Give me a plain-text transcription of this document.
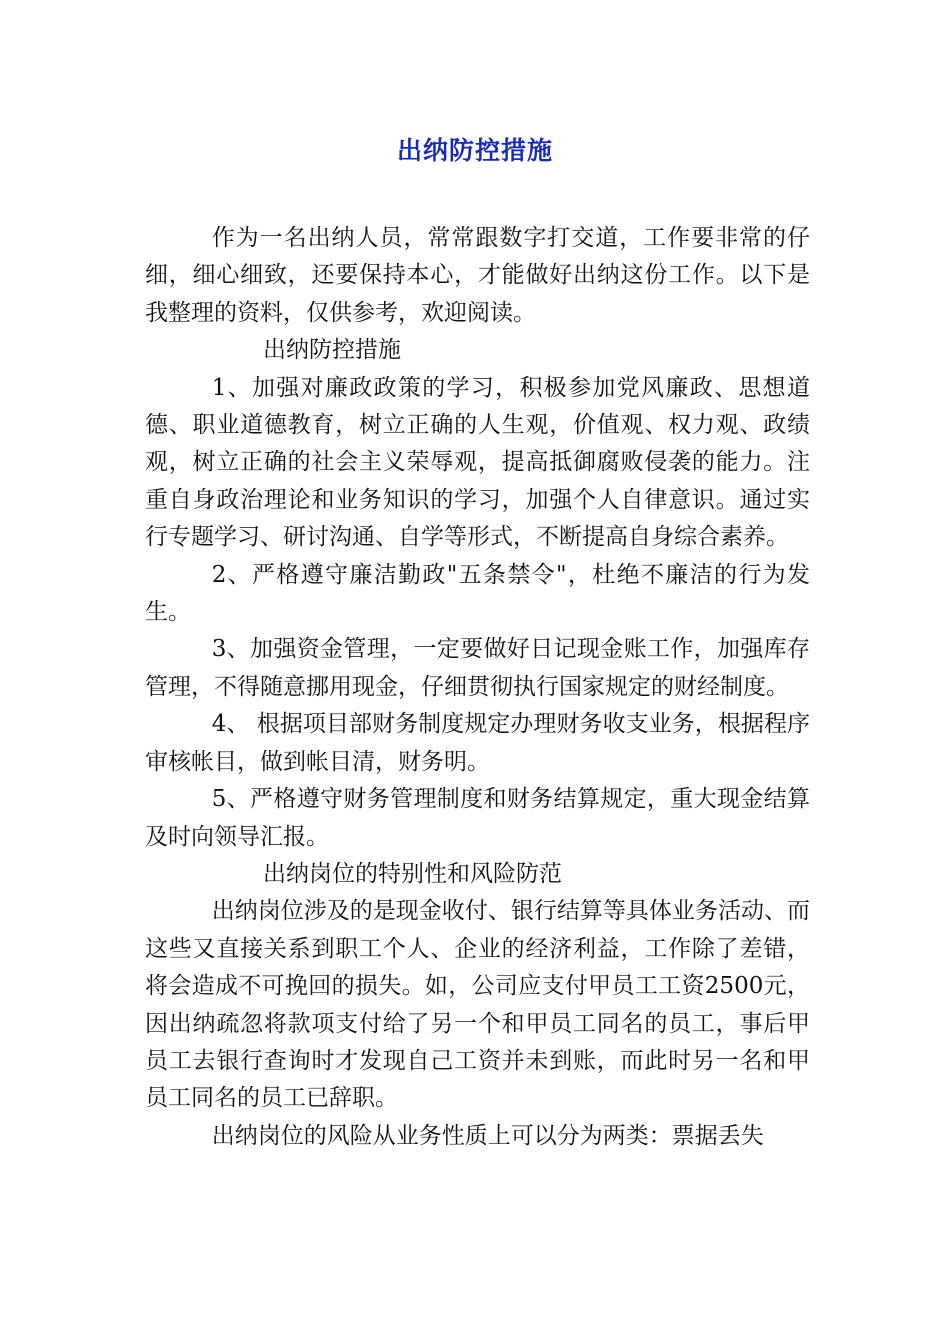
出纳防控措施

作为一名出纳人员，常常跟数字打交道，工作要非常的仔细，细心细致，还要保持本心，才能做好出纳这份工作。以下是我整理的资料，仅供参考，欢迎阅读。

出纳防控措施

1、加强对廉政政策的学习，积极参加党风廉政、思想道德、职业道德教育，树立正确的人生观，价值观、权力观、政绩观，树立正确的社会主义荣辱观，提高抵御腐败侵袭的能力。注重自身政治理论和业务知识的学习，加强个人自律意识。通过实行专题学习、研讨沟通、自学等形式，不断提高自身综合素养。

2、严格遵守廉洁勤政"五条禁令"，杜绝不廉洁的行为发生。

3、加强资金管理，一定要做好日记现金账工作，加强库存管理，不得随意挪用现金，仔细贯彻执行国家规定的财经制度。

4、 根据项目部财务制度规定办理财务收支业务，根据程序审核帐目，做到帐目清，财务明。

5、严格遵守财务管理制度和财务结算规定，重大现金结算及时向领导汇报。

出纳岗位的特别性和风险防范

出纳岗位涉及的是现金收付、银行结算等具体业务活动、而这些又直接关系到职工个人、企业的经济利益，工作除了差错，将会造成不可挽回的损失。如，公司应支付甲员工工资2500元，因出纳疏忽将款项支付给了另一个和甲员工同名的员工，事后甲员工去银行查询时才发现自己工资并未到账，而此时另一名和甲员工同名的员工已辞职。

出纳岗位的风险从业务性质上可以分为两类：票据丢失
